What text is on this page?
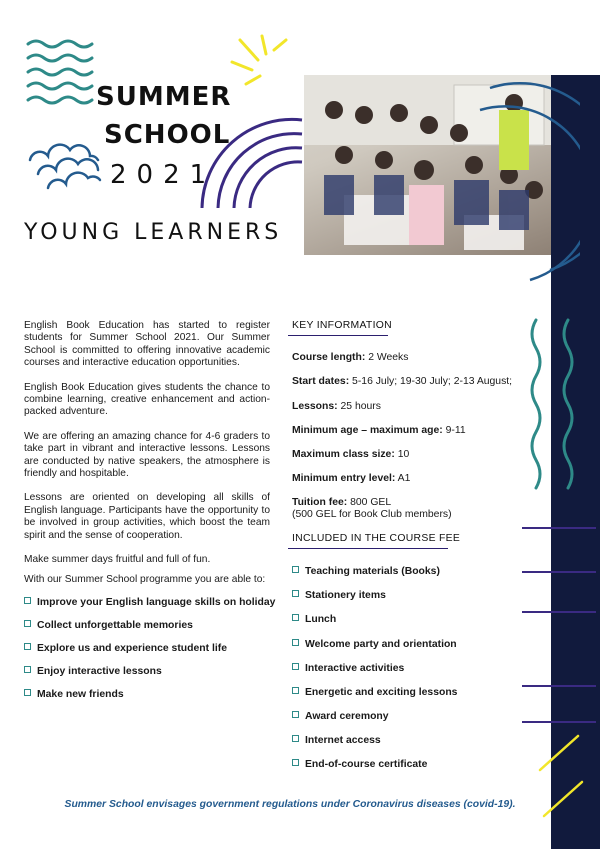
SUMMER
SCHOOL
2021
YOUNG LEARNERS

English Book Education has started to register students for Summer School 2021. Our Summer School is committed to offering innovative academic courses and interactive education opportunities.

English Book Education gives students the chance to combine learning, creative enhancement and action-packed adventure.

We are offering an amazing chance for 4-6 graders to take part in vibrant and interactive lessons. Lessons are conducted by native speakers, the atmosphere is friendly and hospitable.

Lessons are oriented on developing all skills of English language. Participants have the opportunity to be involved in group activities, which boost the team spirit and the sense of cooperation.

Make summer days fruitful and full of fun.

With our Summer School programme you are able to:
Improve your English language skills on holiday
Collect unforgettable memories
Explore us and experience student life
Enjoy interactive lessons
Make new friends
KEY INFORMATION
Course length: 2 Weeks
Start dates: 5-16 July; 19-30 July; 2-13 August;
Lessons: 25 hours
Minimum age – maximum age: 9-11
Maximum class size: 10
Minimum entry level: A1
Tuition fee: 800 GEL
(500 GEL for Book Club members)
INCLUDED IN THE COURSE FEE
Teaching materials (Books)
Stationery items
Lunch
Welcome party and orientation
Interactive activities
Energetic and exciting lessons
Award ceremony
Internet access
End-of-course certificate
Summer School envisages government regulations under Coronavirus diseases (covid-19).
